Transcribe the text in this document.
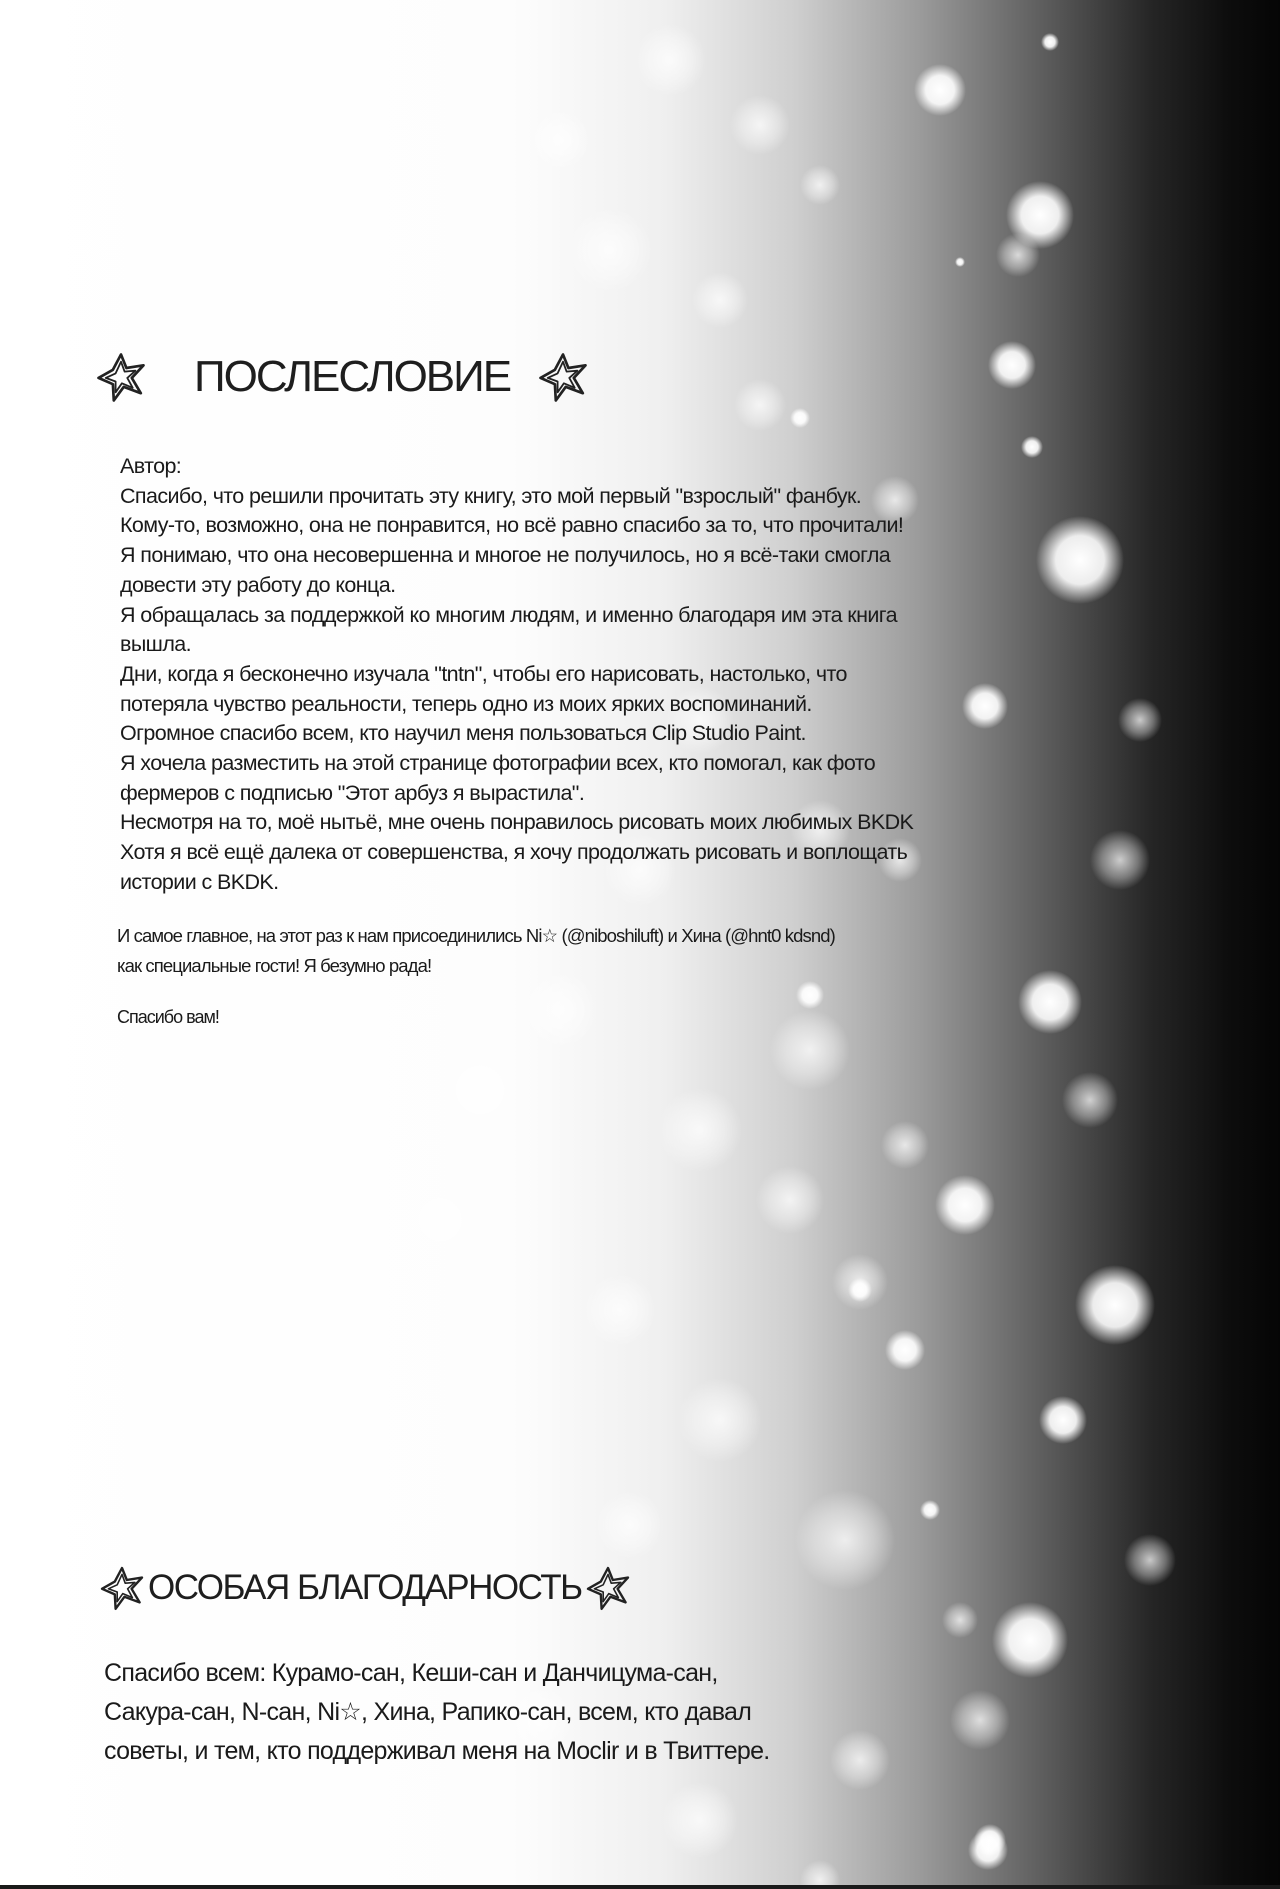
ПОСЛЕСЛОВИЕ
Автор:
Спасибо, что решили прочитать эту книгу, это мой первый "взрослый" фанбук.
Кому-то, возможно, она не понравится, но всё равно спасибо за то, что прочитали!
Я понимаю, что она несовершенна и многое не получилось, но я всё-таки смогла
довести эту работу до конца.
Я обращалась за поддержкой ко многим людям, и именно благодаря им эта книга
вышла.
Дни, когда я бесконечно изучала "tntn", чтобы его нарисовать, настолько, что
потеряла чувство реальности, теперь одно из моих ярких воспоминаний.
Огромное спасибо всем, кто научил меня пользоваться Clip Studio Paint.
Я хочела разместить на этой странице фотографии всех, кто помогал, как фото
фермеров с подписью "Этот арбуз я вырастила".
Несмотря на то, моё нытьё, мне очень понравилось рисовать моих любимых BKDK
Хотя я всё ещё далека от совершенства, я хочу продолжать рисовать и воплощать
истории с BKDK.
И самое главное, на этот раз к нам присоединились Ni☆ (@niboshiluft) и Хина (@hnt0 kdsnd)
как специальные гости! Я безумно рада!
Спасибо вам!
ОСОБАЯ БЛАГОДАРНОСТЬ
Спасибо всем: Курамо-сан, Кеши-сан и Данчицума-сан,
Сакура-сан, N-сан, Ni☆, Хина, Рапико-сан, всем, кто давал
советы, и тем, кто поддерживал меня на Moclir и в Твиттере.
